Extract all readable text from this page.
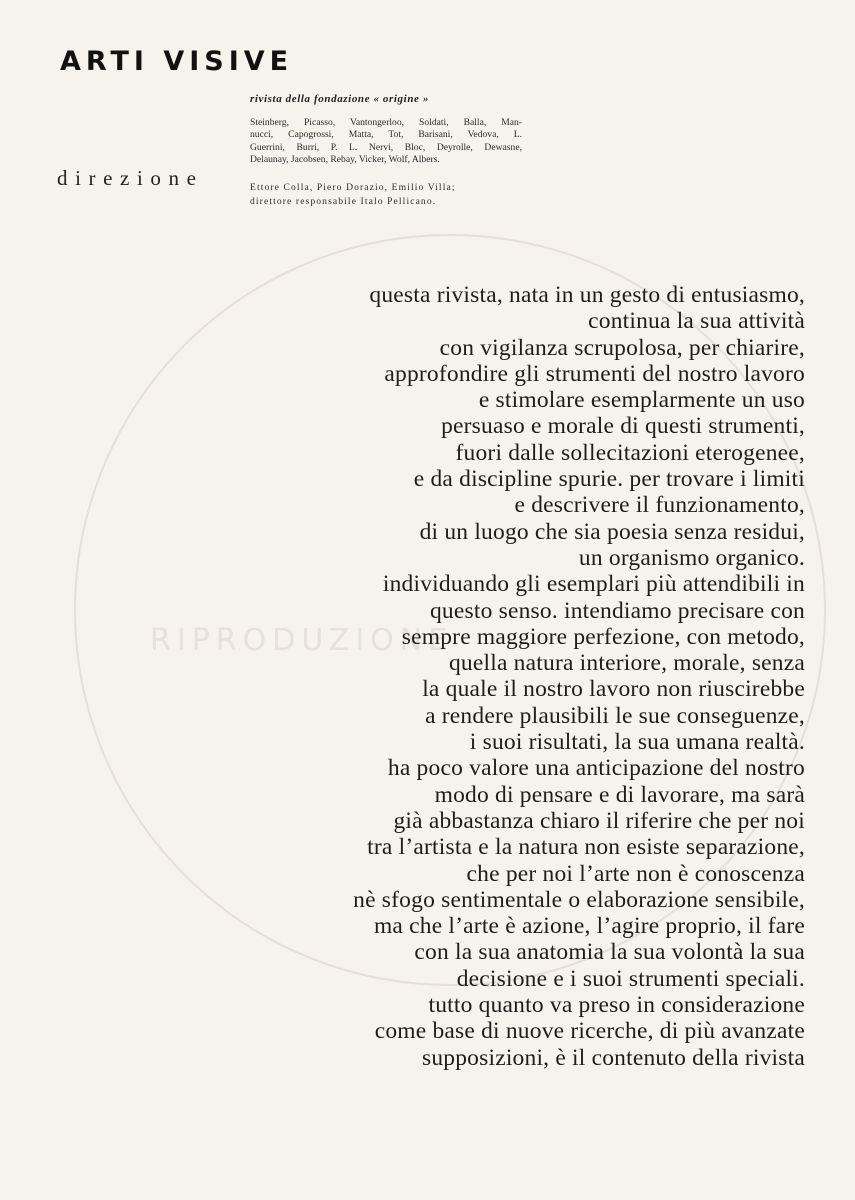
RIPRODUZIONE
ARTI VISIVE
rivista della fondazione « origine »
Steinberg, Picasso, Vantongerloo, Soldati, Balla, Man-
nucci, Capogrossi, Matta, Tot, Barisani, Vedova, L.
Guerrini, Burri, P. L. Nervi, Bloc, Deyrolle, Dewasne,
Delaunay, Jacobsen, Rebay, Vicker, Wolf, Albers.
direzione	Ettore Colla, Piero Dorazio, Emilio Villa;
direttore responsabile Italo Pellicano.
questa rivista, nata in un gesto di entusiasmo,
continua la sua attività
con vigilanza scrupolosa, per chiarire,
approfondire gli strumenti del nostro lavoro
e stimolare esemplarmente un uso
persuaso e morale di questi strumenti,
fuori dalle sollecitazioni eterogenee,
e da discipline spurie. per trovare i limiti
e descrivere il funzionamento,
di un luogo che sia poesia senza residui,
un organismo organico.
individuando gli esemplari più attendibili in
questo senso. intendiamo precisare con
sempre maggiore perfezione, con metodo,
quella natura interiore, morale, senza
la quale il nostro lavoro non riuscirebbe
a rendere plausibili le sue conseguenze,
i suoi risultati, la sua umana realtà.
ha poco valore una anticipazione del nostro
modo di pensare e di lavorare, ma sarà
già abbastanza chiaro il riferire che per noi
tra l’artista e la natura non esiste separazione,
che per noi l’arte non è conoscenza
nè sfogo sentimentale o elaborazione sensibile,
ma che l’arte è azione, l’agire proprio, il fare
con la sua anatomia la sua volontà la sua
decisione e i suoi strumenti speciali.
tutto quanto va preso in considerazione
come base di nuove ricerche, di più avanzate
supposizioni, è il contenuto della rivista
